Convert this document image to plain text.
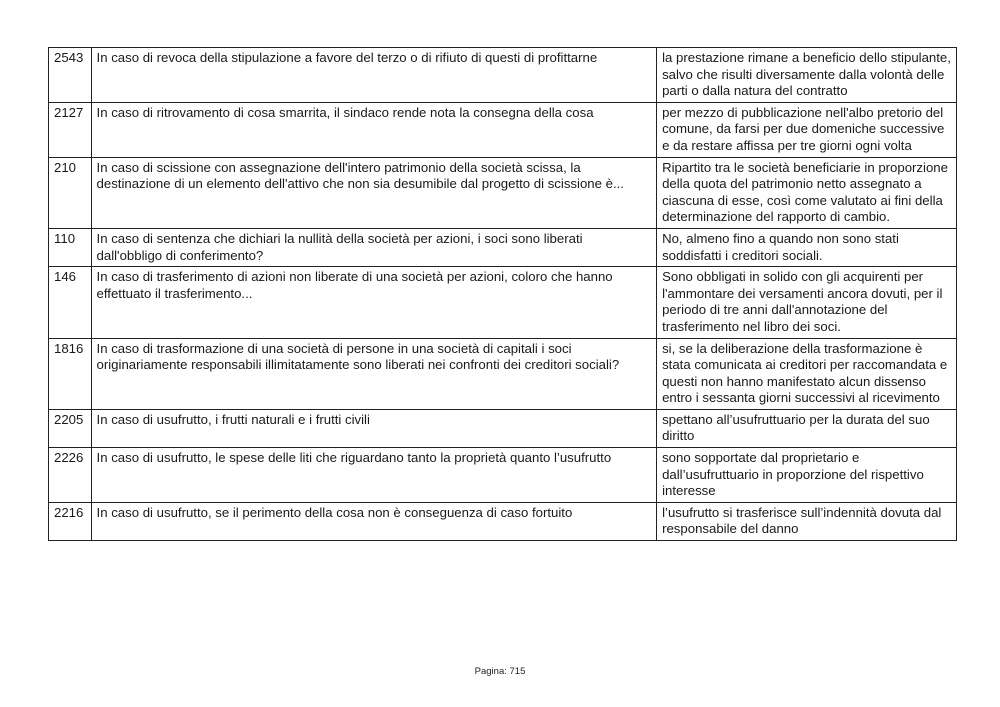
2543	In caso di revoca della stipulazione a favore del terzo o di rifiuto di questi di profittarne	la prestazione rimane a beneficio dello stipulante, salvo che risulti diversamente dalla volontà delle parti o dalla natura del contratto
2127	In caso di ritrovamento di cosa smarrita, il sindaco rende nota la consegna della cosa	per mezzo di pubblicazione nell'albo pretorio del comune, da farsi per due domeniche successive e da restare affissa per tre giorni ogni volta
210	In caso di scissione con assegnazione dell'intero patrimonio della società scissa, la destinazione di un elemento dell'attivo che non sia desumibile dal progetto di scissione è...	Ripartito tra le società beneficiarie in proporzione della quota del patrimonio netto assegnato a ciascuna di esse, così come valutato ai fini della determinazione del rapporto di cambio.
110	In caso di sentenza che dichiari la nullità della società per azioni, i soci sono liberati dall'obbligo di conferimento?	No, almeno fino a quando non sono stati soddisfatti i creditori sociali.
146	In caso di trasferimento di azioni non liberate di una società per azioni, coloro che hanno effettuato il trasferimento...	Sono obbligati in solido con gli acquirenti per l'ammontare dei versamenti ancora dovuti, per il periodo di tre anni dall'annotazione del trasferimento nel libro dei soci.
1816	In caso di trasformazione di una società di persone in una società di capitali i soci originariamente responsabili illimitatamente sono liberati nei confronti dei creditori sociali?	si, se la deliberazione della trasformazione è stata comunicata ai creditori per raccomandata e questi non hanno manifestato alcun dissenso entro i sessanta giorni successivi al ricevimento
2205	In caso di usufrutto, i frutti naturali e i frutti civili	spettano all’usufruttuario per la durata del suo diritto
2226	In caso di usufrutto, le spese delle liti che riguardano tanto la proprietà quanto l’usufrutto	sono sopportate dal proprietario e dall’usufruttuario in proporzione del rispettivo interesse
2216	In caso di usufrutto, se il perimento della cosa non è conseguenza di caso fortuito	l’usufrutto si trasferisce sull’indennità dovuta dal responsabile del danno
Pagina: 715
